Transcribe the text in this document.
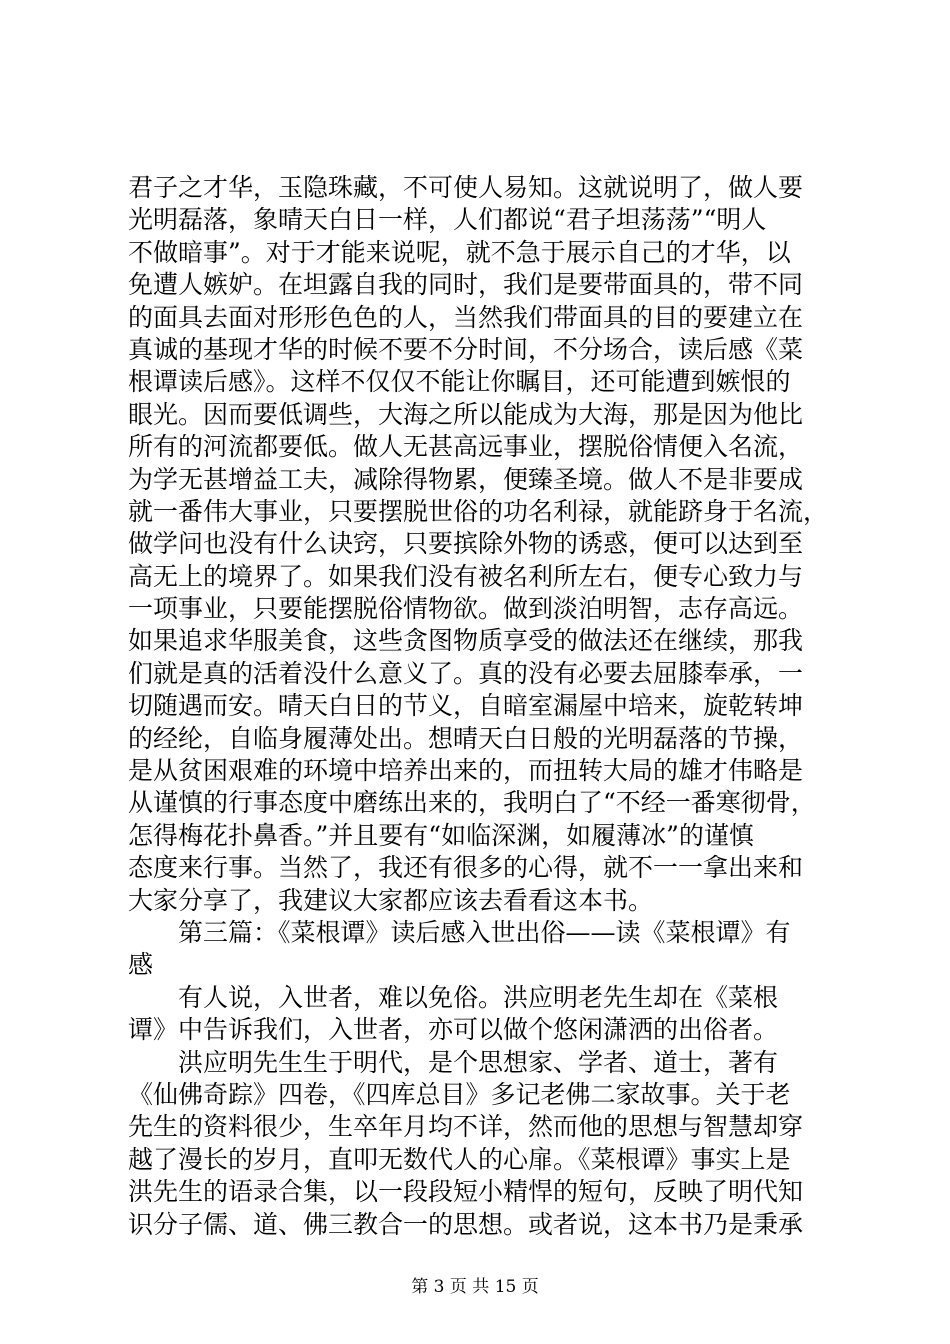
君子之才华，玉隐珠藏，不可使人易知。这就说明了，做人要
光明磊落，象晴天白日一样，人们都说“君子坦荡荡”“明人
不做暗事”。对于才能来说呢，就不急于展示自己的才华，以
免遭人嫉妒。在坦露自我的同时，我们是要带面具的，带不同
的面具去面对形形色色的人，当然我们带面具的目的要建立在
真诚的基现才华的时候不要不分时间，不分场合，读后感《菜
根谭读后感》。这样不仅仅不能让你瞩目，还可能遭到嫉恨的
眼光。因而要低调些，大海之所以能成为大海，那是因为他比
所有的河流都要低。做人无甚高远事业，摆脱俗情便入名流，
为学无甚增益工夫，减除得物累，便臻圣境。做人不是非要成
就一番伟大事业，只要摆脱世俗的功名利禄，就能跻身于名流，
做学问也没有什么诀窍，只要摈除外物的诱惑，便可以达到至
高无上的境界了。如果我们没有被名利所左右，便专心致力与
一项事业，只要能摆脱俗情物欲。做到淡泊明智，志存高远。
如果追求华服美食，这些贪图物质享受的做法还在继续，那我
们就是真的活着没什么意义了。真的没有必要去屈膝奉承，一
切随遇而安。晴天白日的节义，自暗室漏屋中培来，旋乾转坤
的经纶，自临身履薄处出。想晴天白日般的光明磊落的节操，
是从贫困艰难的环境中培养出来的，而扭转大局的雄才伟略是
从谨慎的行事态度中磨练出来的，我明白了“不经一番寒彻骨，
怎得梅花扑鼻香。”并且要有“如临深渊，如履薄冰”的谨慎
态度来行事。当然了，我还有很多的心得，就不一一拿出来和
大家分享了，我建议大家都应该去看看这本书。
　　第三篇：《菜根谭》读后感入世出俗——读《菜根谭》有
感
　　有人说，入世者，难以免俗。洪应明老先生却在《菜根
谭》中告诉我们，入世者，亦可以做个悠闲潇洒的出俗者。
　　洪应明先生生于明代，是个思想家、学者、道士，著有
《仙佛奇踪》四卷，《四库总目》多记老佛二家故事。关于老
先生的资料很少，生卒年月均不详，然而他的思想与智慧却穿
越了漫长的岁月，直叩无数代人的心扉。《菜根谭》事实上是
洪先生的语录合集，以一段段短小精悍的短句，反映了明代知
识分子儒、道、佛三教合一的思想。或者说，这本书乃是秉承
第 3 页 共 15 页
